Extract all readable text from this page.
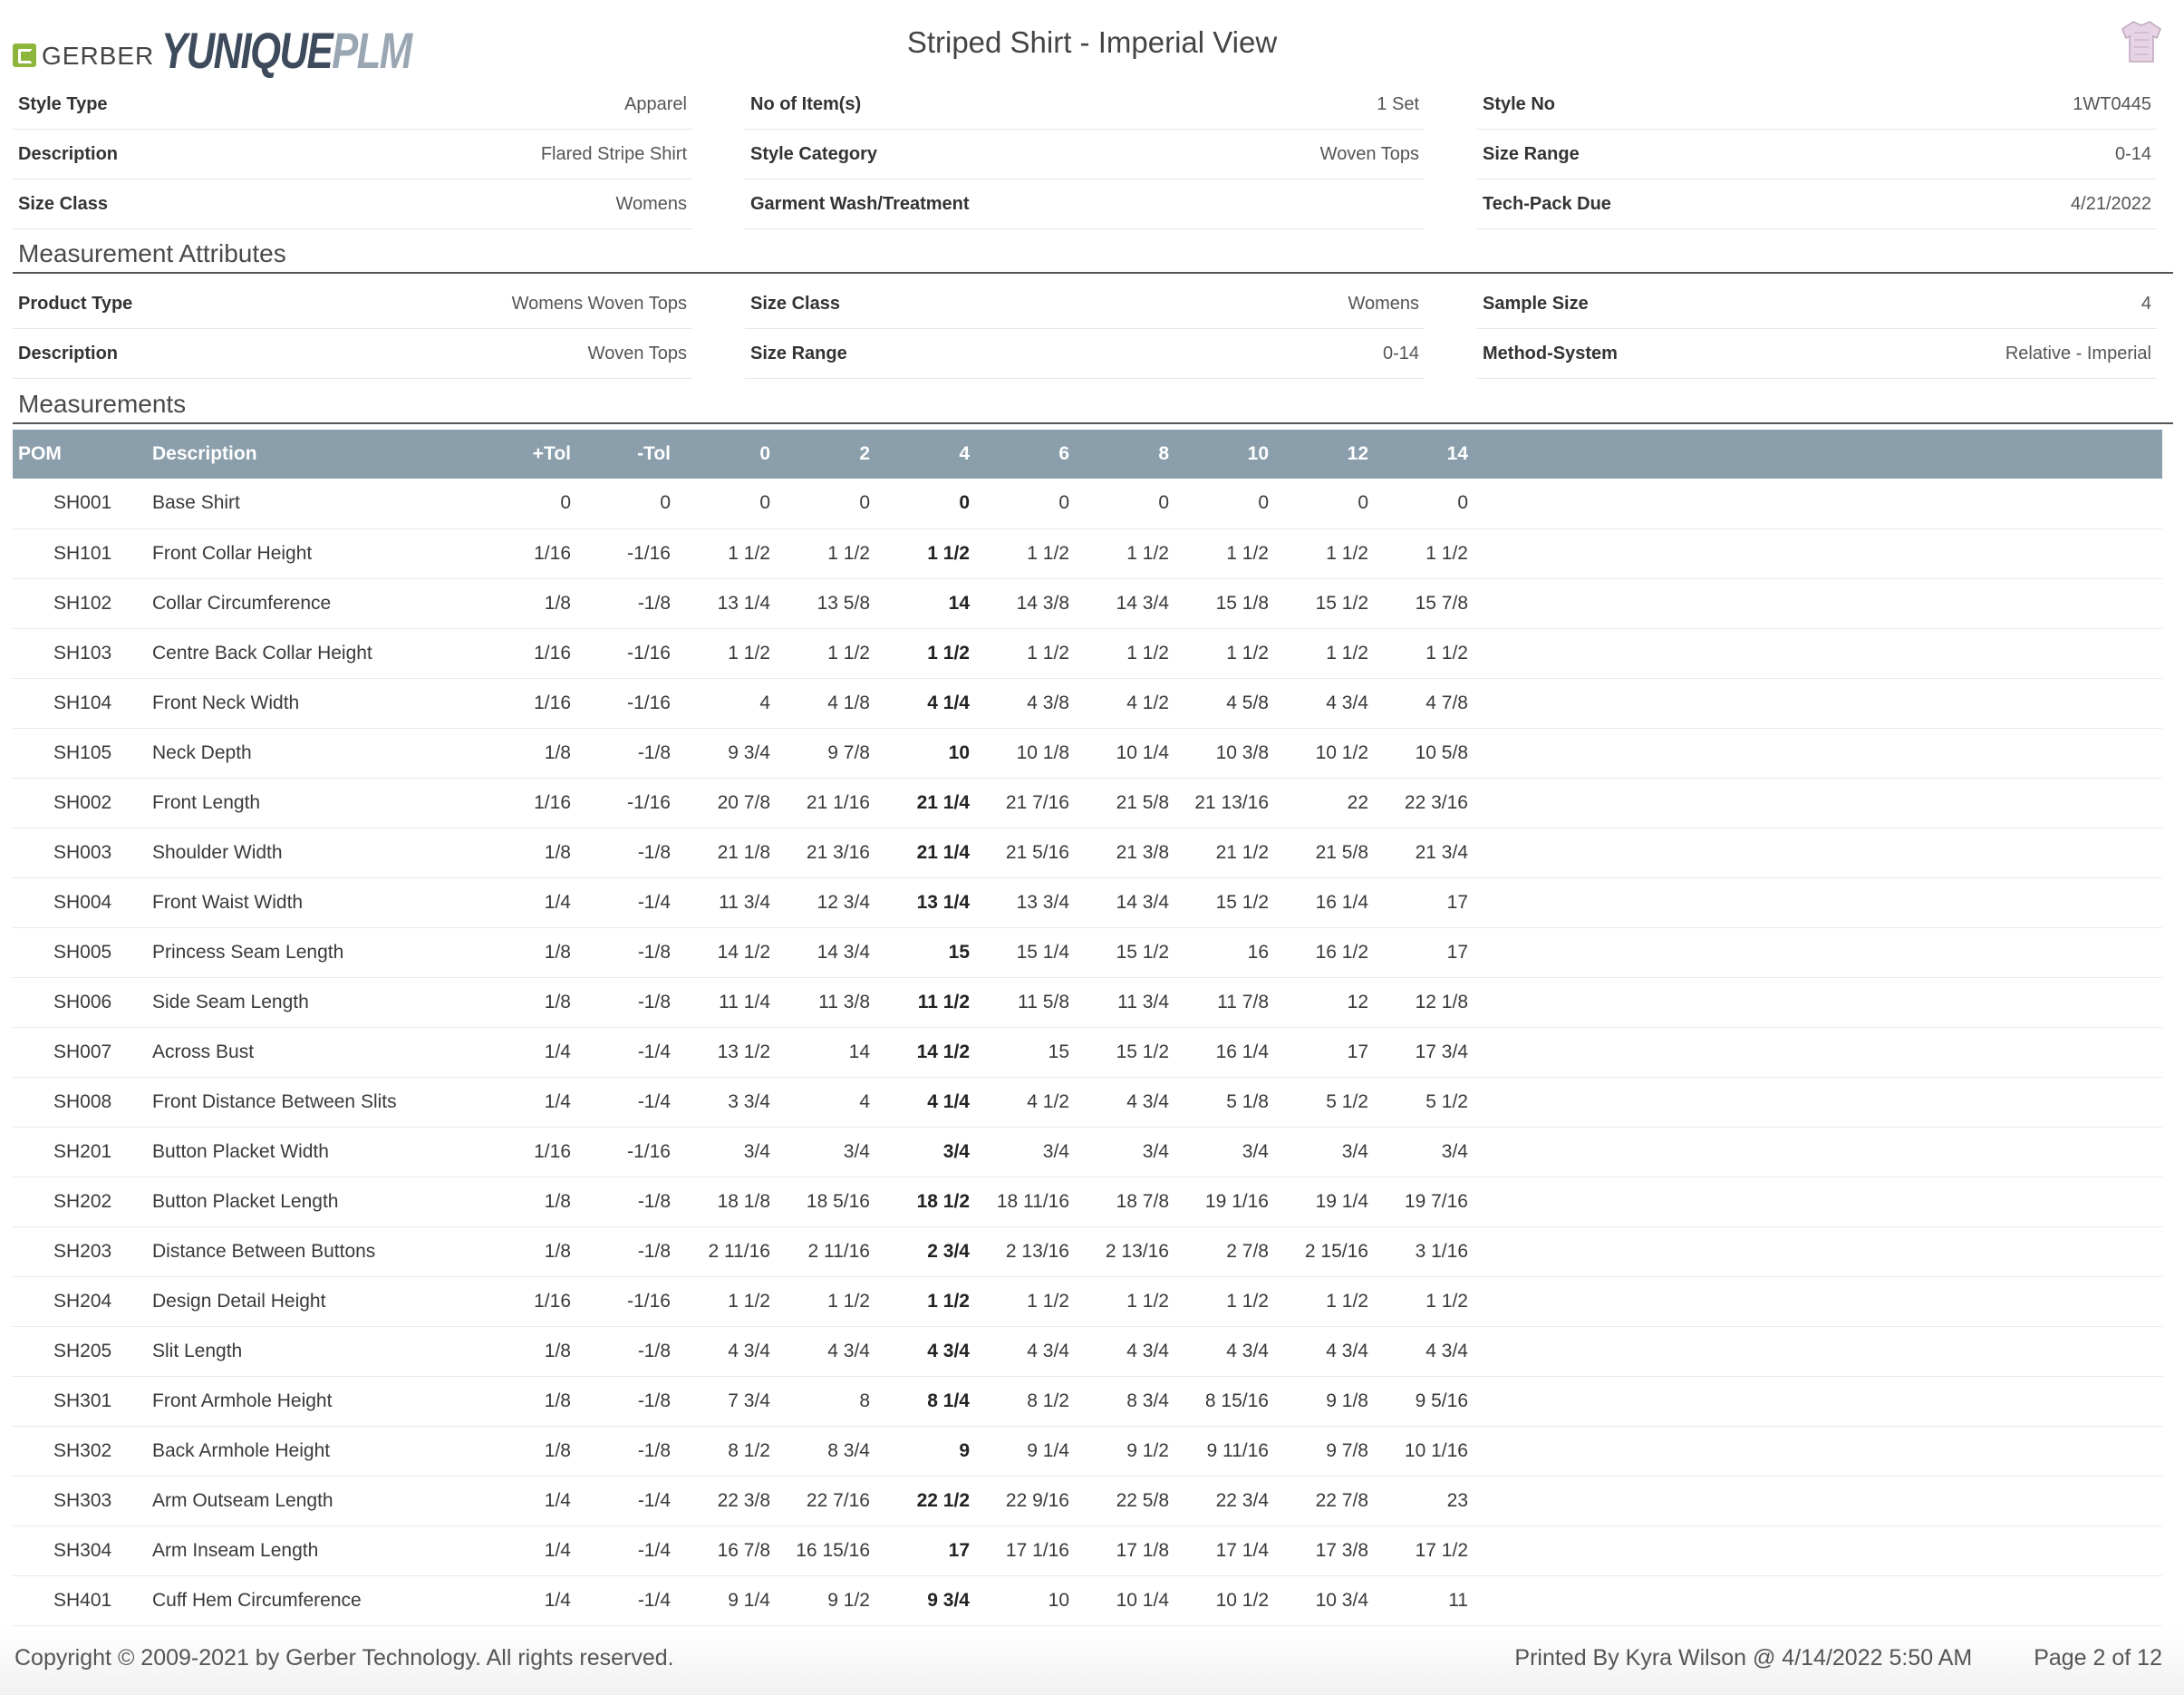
GERBER YUNIQUEPLM	Striped Shirt - Imperial View
Style Type	Apparel
Description	Flared Stripe Shirt
Size Class	Womens
No of Item(s)	1 Set
Style Category	Woven Tops
Garment Wash/Treatment
Style No	1WT0445
Size Range	0-14
Tech-Pack Due	4/21/2022
Measurement Attributes
Product Type	Womens Woven Tops
Description	Woven Tops
Size Class	Womens
Size Range	0-14
Sample Size	4
Method-System	Relative - Imperial
Measurements
POM	Description	+Tol	-Tol	0	2	4	6	8	10	12	14	
SH001	Base Shirt	0	0	0	0	0	0	0	0	0	0	
SH101	Front Collar Height	1/16	-1/16	1 1/2	1 1/2	1 1/2	1 1/2	1 1/2	1 1/2	1 1/2	1 1/2	
SH102	Collar Circumference	1/8	-1/8	13 1/4	13 5/8	14	14 3/8	14 3/4	15 1/8	15 1/2	15 7/8	
SH103	Centre Back Collar Height	1/16	-1/16	1 1/2	1 1/2	1 1/2	1 1/2	1 1/2	1 1/2	1 1/2	1 1/2	
SH104	Front Neck Width	1/16	-1/16	4	4 1/8	4 1/4	4 3/8	4 1/2	4 5/8	4 3/4	4 7/8	
SH105	Neck Depth	1/8	-1/8	9 3/4	9 7/8	10	10 1/8	10 1/4	10 3/8	10 1/2	10 5/8	
SH002	Front Length	1/16	-1/16	20 7/8	21 1/16	21 1/4	21 7/16	21 5/8	21 13/16	22	22 3/16	
SH003	Shoulder Width	1/8	-1/8	21 1/8	21 3/16	21 1/4	21 5/16	21 3/8	21 1/2	21 5/8	21 3/4	
SH004	Front Waist Width	1/4	-1/4	11 3/4	12 3/4	13 1/4	13 3/4	14 3/4	15 1/2	16 1/4	17	
SH005	Princess Seam Length	1/8	-1/8	14 1/2	14 3/4	15	15 1/4	15 1/2	16	16 1/2	17	
SH006	Side Seam Length	1/8	-1/8	11 1/4	11 3/8	11 1/2	11 5/8	11 3/4	11 7/8	12	12 1/8	
SH007	Across Bust	1/4	-1/4	13 1/2	14	14 1/2	15	15 1/2	16 1/4	17	17 3/4	
SH008	Front Distance Between Slits	1/4	-1/4	3 3/4	4	4 1/4	4 1/2	4 3/4	5 1/8	5 1/2	5 1/2	
SH201	Button Placket Width	1/16	-1/16	3/4	3/4	3/4	3/4	3/4	3/4	3/4	3/4	
SH202	Button Placket Length	1/8	-1/8	18 1/8	18 5/16	18 1/2	18 11/16	18 7/8	19 1/16	19 1/4	19 7/16	
SH203	Distance Between Buttons	1/8	-1/8	2 11/16	2 11/16	2 3/4	2 13/16	2 13/16	2 7/8	2 15/16	3 1/16	
SH204	Design Detail Height	1/16	-1/16	1 1/2	1 1/2	1 1/2	1 1/2	1 1/2	1 1/2	1 1/2	1 1/2	
SH205	Slit Length	1/8	-1/8	4 3/4	4 3/4	4 3/4	4 3/4	4 3/4	4 3/4	4 3/4	4 3/4	
SH301	Front Armhole Height	1/8	-1/8	7 3/4	8	8 1/4	8 1/2	8 3/4	8 15/16	9 1/8	9 5/16	
SH302	Back Armhole Height	1/8	-1/8	8 1/2	8 3/4	9	9 1/4	9 1/2	9 11/16	9 7/8	10 1/16	
SH303	Arm Outseam Length	1/4	-1/4	22 3/8	22 7/16	22 1/2	22 9/16	22 5/8	22 3/4	22 7/8	23	
SH304	Arm Inseam Length	1/4	-1/4	16 7/8	16 15/16	17	17 1/16	17 1/8	17 1/4	17 3/8	17 1/2	
SH401	Cuff Hem Circumference	1/4	-1/4	9 1/4	9 1/2	9 3/4	10	10 1/4	10 1/2	10 3/4	11	
Copyright © 2009-2021 by Gerber Technology. All rights reserved.	Printed By Kyra Wilson @ 4/14/2022 5:50 AM	Page 2 of 12
